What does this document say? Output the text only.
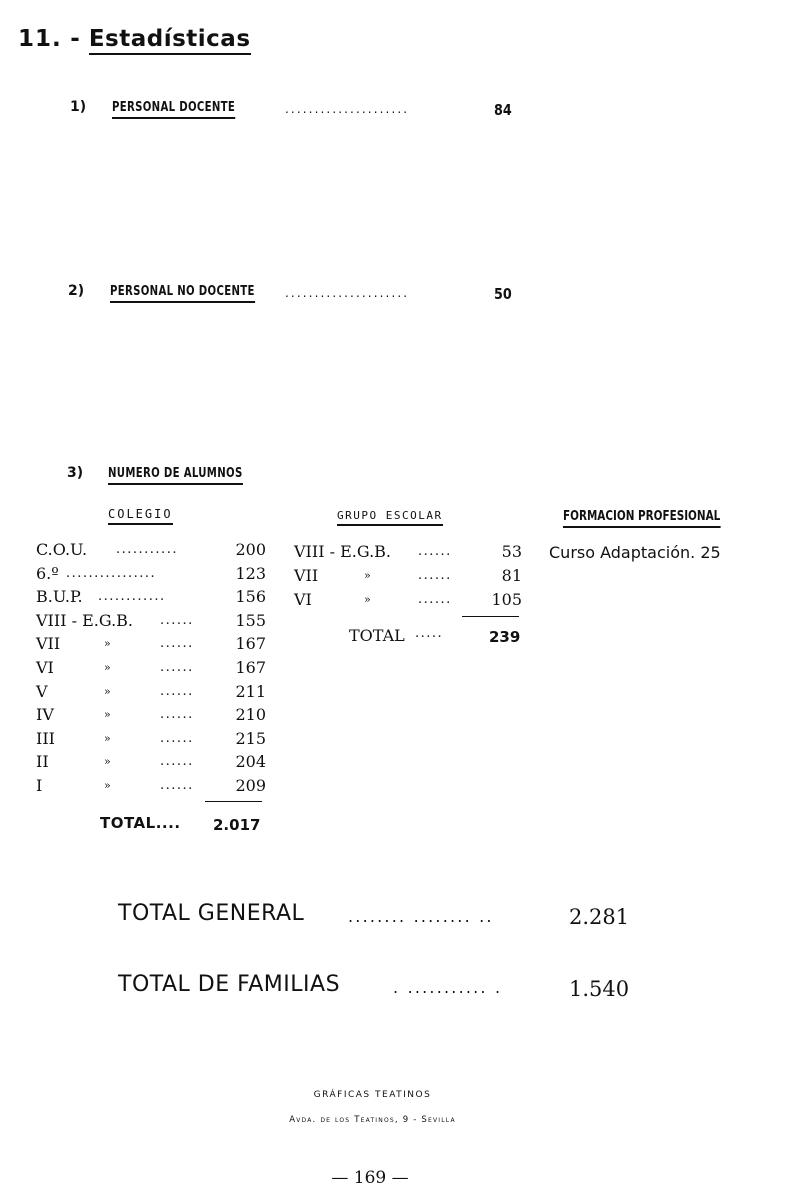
11. - Estadísticas
1) PERSONAL DOCENTE	.....................	84
2) PERSONAL NO DOCENTE	.....................	50
3) NUMERO DE ALUMNOS
COLEGIO	GRUPO ESCOLAR	FORMACION PROFESIONAL
C.O.U. ...........	200
6.º ................	123
B.U.P. ............	156
VIII - E.G.B. ......	155
VII	»	......	167
VI	»	......	167
V	»	......	211
IV	»	......	210
III	»	......	215
II	»	......	204
I	»	......	209
TOTAL.... 2.017
VIII - E.G.B. ......	53
VII	»	......	81
VI	»	...... 105
TOTAL .....	239
Curso Adaptación. 25
TOTAL GENERAL	........ ........ ..	2.281
TOTAL DE FAMILIAS	. ........... .	1.540
GRÁFICAS TEATINOS
Avda. de los Teatinos, 9 - Sevilla
— 169 —
